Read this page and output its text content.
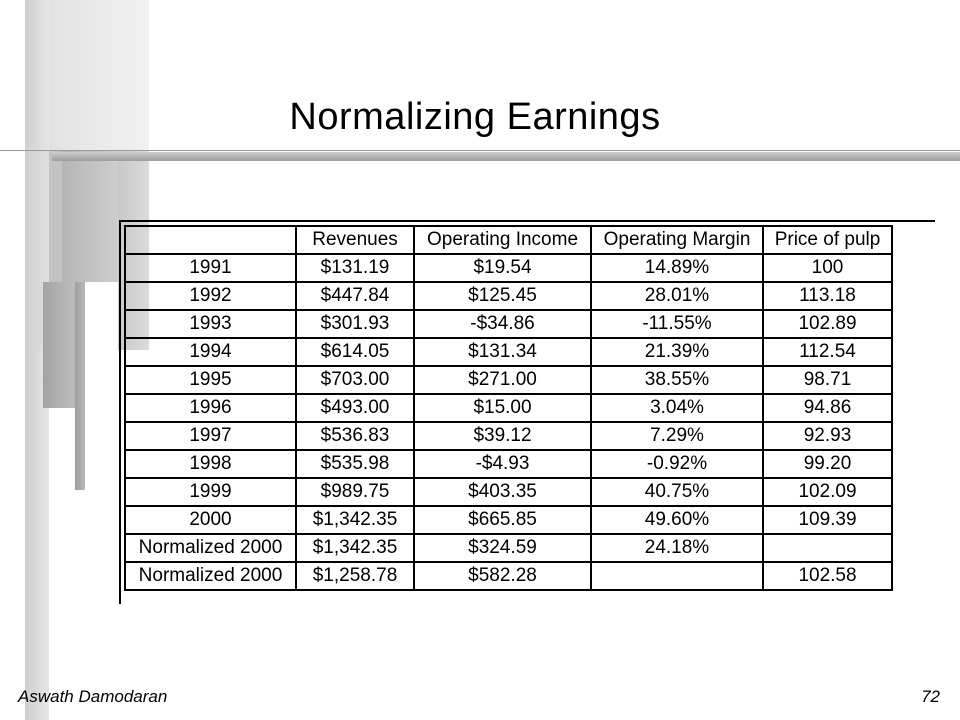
Normalizing Earnings
	Revenues	Operating Income	Operating Margin	Price of pulp
1991	$131.19	$19.54	14.89%	100
1992	$447.84	$125.45	28.01%	113.18
1993	$301.93	-$34.86	-11.55%	102.89
1994	$614.05	$131.34	21.39%	112.54
1995	$703.00	$271.00	38.55%	98.71
1996	$493.00	$15.00	3.04%	94.86
1997	$536.83	$39.12	7.29%	92.93
1998	$535.98	-$4.93	-0.92%	99.20
1999	$989.75	$403.35	40.75%	102.09
2000	$1,342.35	$665.85	49.60%	109.39
Normalized 2000	$1,342.35	$324.59	24.18%	
Normalized 2000	$1,258.78	$582.28		102.58
Aswath Damodaran	72
